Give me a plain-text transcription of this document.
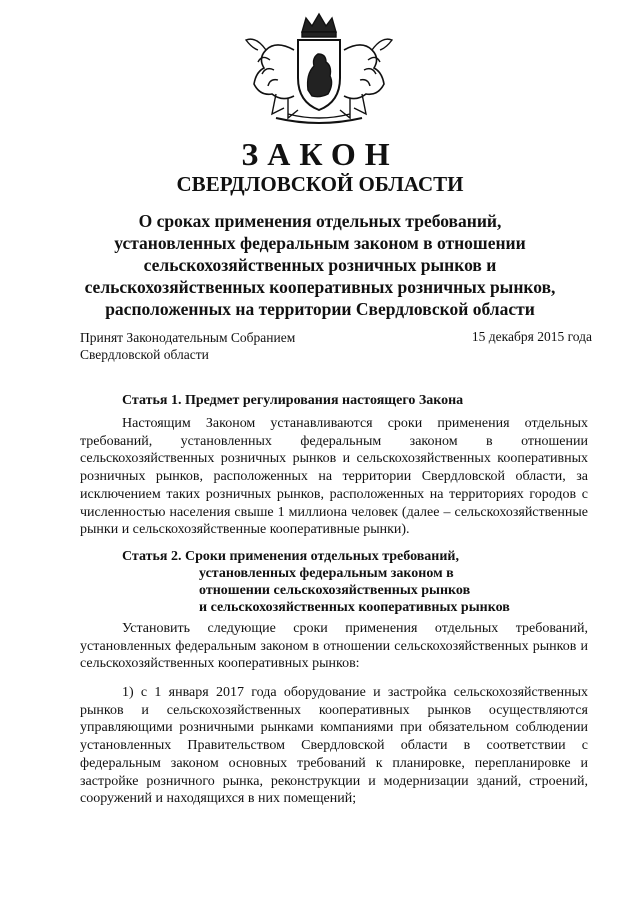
ЗАКОН
СВЕРДЛОВСКОЙ ОБЛАСТИ
О сроках применения отдельных требований,
установленных федеральным законом в отношении
сельскохозяйственных розничных рынков и
сельскохозяйственных кооперативных розничных рынков,
расположенных на территории Свердловской области
Принят Законодательным Собранием
Свердловской области
15 декабря 2015 года
Статья 1. Предмет регулирования настоящего Закона

Настоящим Законом устанавливаются сроки применения отдельных требований, установленных федеральным законом в отношении сельскохозяйственных розничных рынков и сельскохозяйственных кооперативных розничных рынков, расположенных на территории Свердловской области, за исключением таких розничных рынков, расположенных на территориях городов с численностью населения свыше 1 миллиона человек (далее – сельскохозяйственные рынки и сельскохозяйственные кооперативные рынки).

Статья 2. Сроки применения отдельных требований,
установленных федеральным законом в
отношении сельскохозяйственных рынков
и сельскохозяйственных кооперативных рынков

Установить следующие сроки применения отдельных требований, установленных федеральным законом в отношении сельскохозяйственных рынков и сельскохозяйственных кооперативных рынков:

1) с 1 января 2017 года оборудование и застройка сельскохозяйственных рынков и сельскохозяйственных кооперативных рынков осуществляются управляющими розничными рынками компаниями при обязательном соблюдении установленных Правительством Свердловской области в соответствии с федеральным законом основных требований к планировке, перепланировке и застройке розничного рынка, реконструкции и модернизации зданий, строений, сооружений и находящихся в них помещений;
